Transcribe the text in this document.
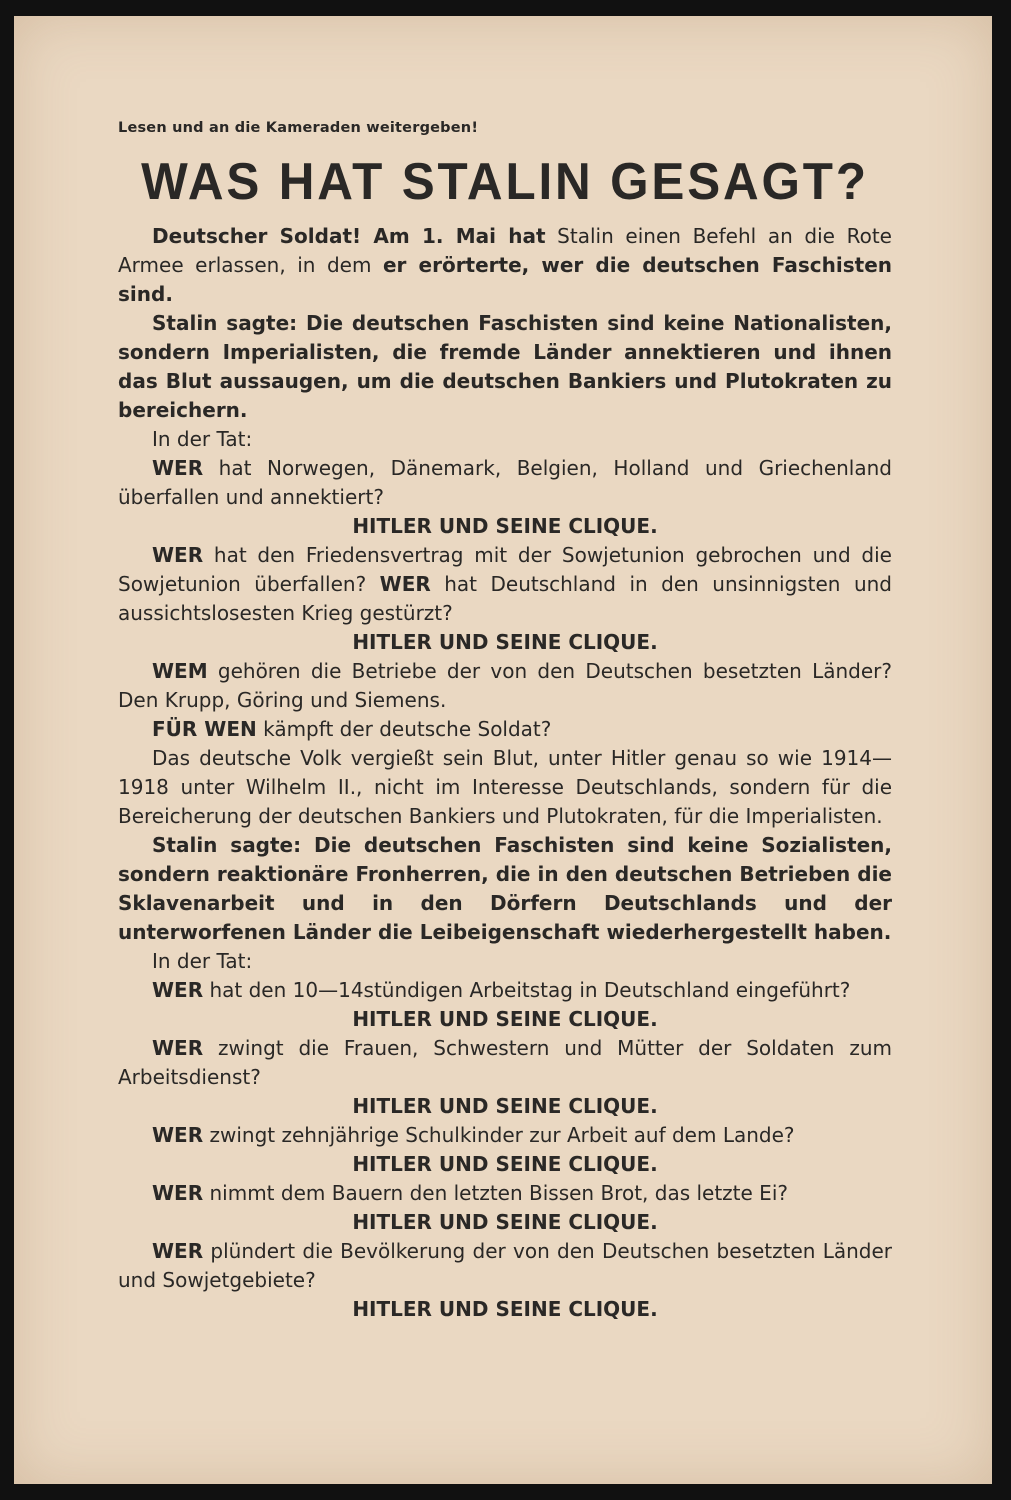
Lesen und an die Kameraden weitergeben!
WAS HAT STALIN GESAGT?
Deutscher Soldat! Am 1. Mai hat Stalin einen Befehl an die Rote Armee erlassen, in dem er erörterte, wer die deutschen Faschisten sind.
Stalin sagte: Die deutschen Faschisten sind keine Nationalisten, sondern Imperialisten, die fremde Länder annektieren und ihnen das Blut aussaugen, um die deutschen Bankiers und Plutokraten zu bereichern.
In der Tat:
WER hat Norwegen, Dänemark, Belgien, Holland und Griechenland überfallen und annektiert?
HITLER UND SEINE CLIQUE.
WER hat den Friedensvertrag mit der Sowjetunion gebrochen und die Sowjetunion überfallen? WER hat Deutschland in den unsinnigsten und aussichtslosesten Krieg gestürzt?
HITLER UND SEINE CLIQUE.
WEM gehören die Betriebe der von den Deutschen besetzten Länder? Den Krupp, Göring und Siemens.
FÜR WEN kämpft der deutsche Soldat?
Das deutsche Volk vergießt sein Blut, unter Hitler genau so wie 1914—1918 unter Wilhelm II., nicht im Interesse Deutschlands, sondern für die Bereicherung der deutschen Bankiers und Plutokraten, für die Imperialisten.
Stalin sagte: Die deutschen Faschisten sind keine Sozialisten, sondern reaktionäre Fronherren, die in den deutschen Betrieben die Sklavenarbeit und in den Dörfern Deutschlands und der unterworfenen Länder die Leibeigenschaft wiederhergestellt haben.
In der Tat:
WER hat den 10—14stündigen Arbeitstag in Deutschland eingeführt?
HITLER UND SEINE CLIQUE.
WER zwingt die Frauen, Schwestern und Mütter der Soldaten zum Arbeitsdienst?
HITLER UND SEINE CLIQUE.
WER zwingt zehnjährige Schulkinder zur Arbeit auf dem Lande?
HITLER UND SEINE CLIQUE.
WER nimmt dem Bauern den letzten Bissen Brot, das letzte Ei?
HITLER UND SEINE CLIQUE.
WER plündert die Bevölkerung der von den Deutschen besetzten Länder und Sowjetgebiete?
HITLER UND SEINE CLIQUE.
